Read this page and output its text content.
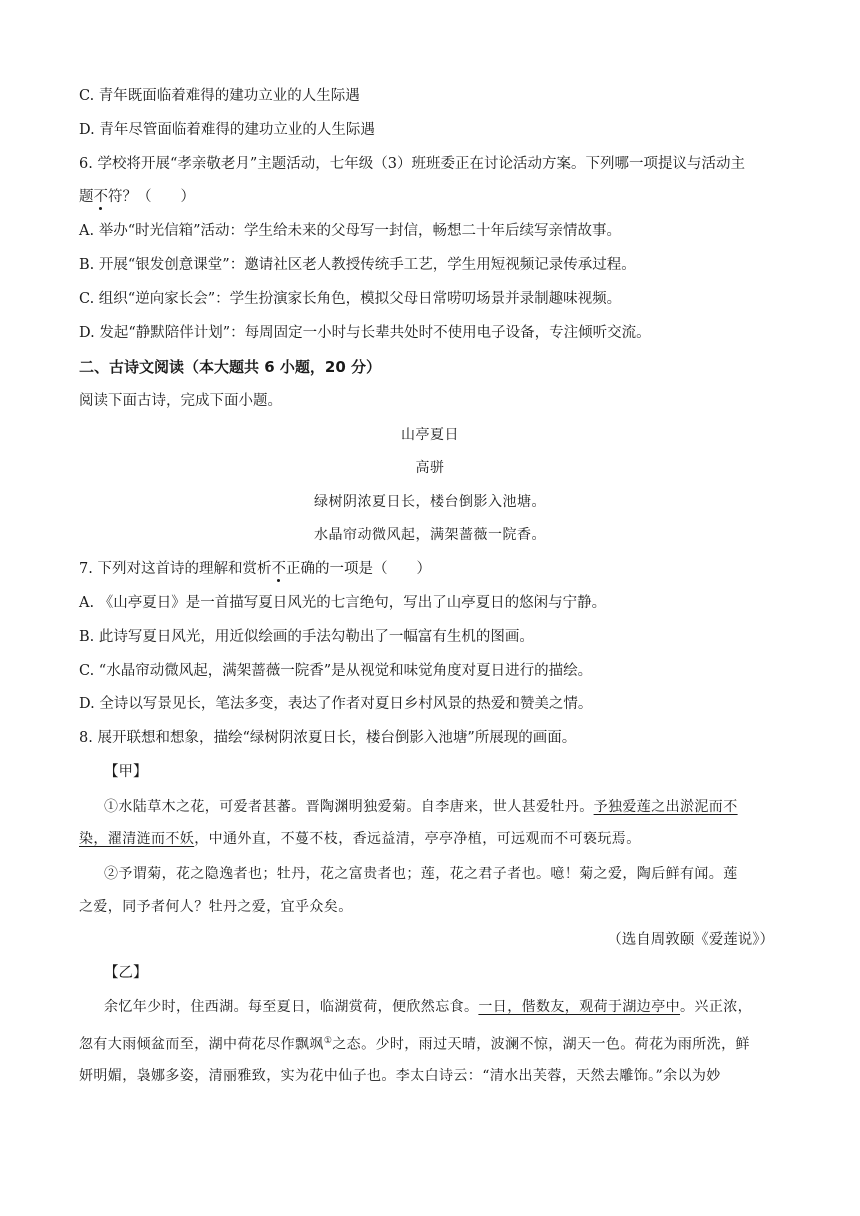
C. 青年既面临着难得的建功立业的人生际遇
D. 青年尽管面临着难得的建功立业的人生际遇
6. 学校将开展“孝亲敬老月”主题活动，七年级（3）班班委正在讨论活动方案。下列哪一项提议与活动主
题不符？（　　）
A. 举办“时光信箱”活动：学生给未来的父母写一封信，畅想二十年后续写亲情故事。
B. 开展“银发创意课堂”：邀请社区老人教授传统手工艺，学生用短视频记录传承过程。
C. 组织“逆向家长会”：学生扮演家长角色，模拟父母日常唠叨场景并录制趣味视频。
D. 发起“静默陪伴计划”：每周固定一小时与长辈共处时不使用电子设备，专注倾听交流。
二、古诗文阅读（本大题共 6 小题，20 分）
阅读下面古诗，完成下面小题。
山亭夏日
高骈
绿树阴浓夏日长，楼台倒影入池塘。
水晶帘动微风起，满架蔷薇一院香。
7. 下列对这首诗的理解和赏析不正确的一项是（　　）
A. 《山亭夏日》是一首描写夏日风光的七言绝句，写出了山亭夏日的悠闲与宁静。
B. 此诗写夏日风光，用近似绘画的手法勾勒出了一幅富有生机的图画。
C. “水晶帘动微风起，满架蔷薇一院香”是从视觉和味觉角度对夏日进行的描绘。
D. 全诗以写景见长，笔法多变，表达了作者对夏日乡村风景的热爱和赞美之情。
8. 展开联想和想象，描绘“绿树阴浓夏日长，楼台倒影入池塘”所展现的画面。
【甲】
①水陆草木之花，可爱者甚蕃。晋陶渊明独爱菊。自李唐来，世人甚爱牡丹。予独爱莲之出淤泥而不
染，濯清涟而不妖，中通外直，不蔓不枝，香远益清，亭亭净植，可远观而不可亵玩焉。
②予谓菊，花之隐逸者也；牡丹，花之富贵者也；莲，花之君子者也。噫！菊之爱，陶后鲜有闻。莲
之爱，同予者何人？牡丹之爱，宜乎众矣。
（选自周敦颐《爱莲说》）
【乙】
余忆年少时，住西湖。每至夏日，临湖赏荷，便欣然忘食。一日，偕数友，观荷于湖边亭中。兴正浓，
忽有大雨倾盆而至，湖中荷花尽作飘飒①之态。少时，雨过天晴，波澜不惊，湖天一色。荷花为雨所洗，鲜
妍明媚，袅娜多姿，清丽雅致，实为花中仙子也。李太白诗云：“清水出芙蓉，天然去雕饰。”余以为妙
